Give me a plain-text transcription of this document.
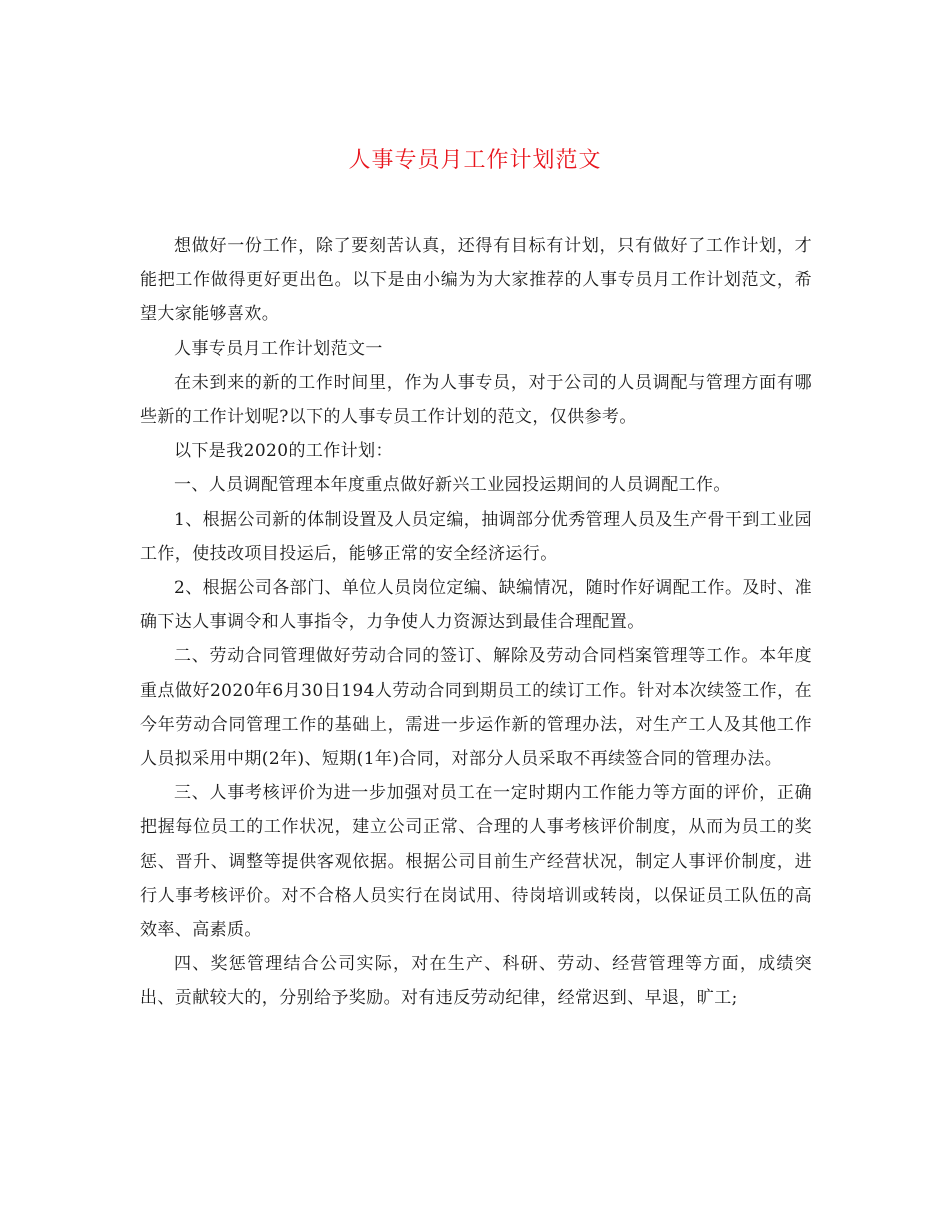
人事专员月工作计划范文

想做好一份工作，除了要刻苦认真，还得有目标有计划，只有做好了工作计划，才能把工作做得更好更出色。以下是由小编为为大家推荐的人事专员月工作计划范文，希望大家能够喜欢。

人事专员月工作计划范文一

在未到来的新的工作时间里，作为人事专员，对于公司的人员调配与管理方面有哪些新的工作计划呢?以下的人事专员工作计划的范文，仅供参考。

以下是我2020的工作计划：

一、人员调配管理本年度重点做好新兴工业园投运期间的人员调配工作。

1、根据公司新的体制设置及人员定编，抽调部分优秀管理人员及生产骨干到工业园工作，使技改项目投运后，能够正常的安全经济运行。

2、根据公司各部门、单位人员岗位定编、缺编情况，随时作好调配工作。及时、准确下达人事调令和人事指令，力争使人力资源达到最佳合理配置。

二、劳动合同管理做好劳动合同的签订、解除及劳动合同档案管理等工作。本年度重点做好2020年6月30日194人劳动合同到期员工的续订工作。针对本次续签工作，在今年劳动合同管理工作的基础上，需进一步运作新的管理办法，对生产工人及其他工作人员拟采用中期(2年)、短期(1年)合同，对部分人员采取不再续签合同的管理办法。

三、人事考核评价为进一步加强对员工在一定时期内工作能力等方面的评价，正确把握每位员工的工作状况，建立公司正常、合理的人事考核评价制度，从而为员工的奖惩、晋升、调整等提供客观依据。根据公司目前生产经营状况，制定人事评价制度，进行人事考核评价。对不合格人员实行在岗试用、待岗培训或转岗，以保证员工队伍的高效率、高素质。

四、奖惩管理结合公司实际，对在生产、科研、劳动、经营管理等方面，成绩突出、贡献较大的，分别给予奖励。对有违反劳动纪律，经常迟到、早退，旷工;
